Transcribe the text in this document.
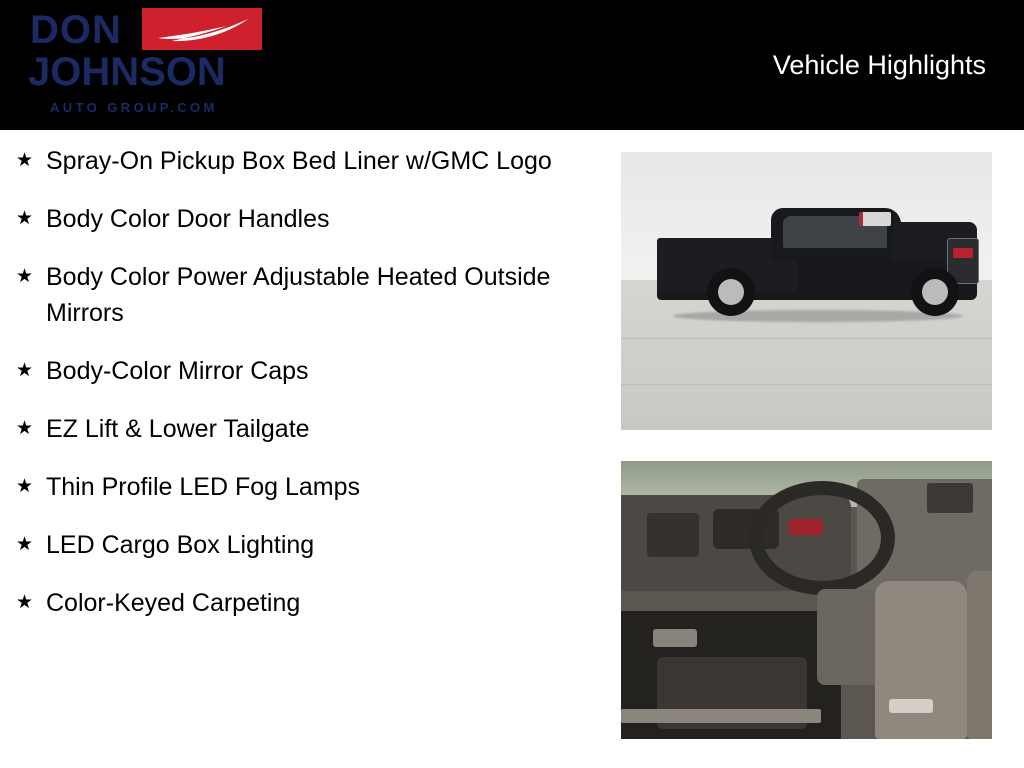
DON
JOHNSON
AUTO GROUP.COM
Vehicle Highlights
★ Spray-On Pickup Box Bed Liner w/GMC Logo
★ Body Color Door Handles
★ Body Color Power Adjustable Heated Outside Mirrors
★ Body-Color Mirror Caps
★ EZ Lift & Lower Tailgate
★ Thin Profile LED Fog Lamps
★ LED Cargo Box Lighting
★ Color-Keyed Carpeting
